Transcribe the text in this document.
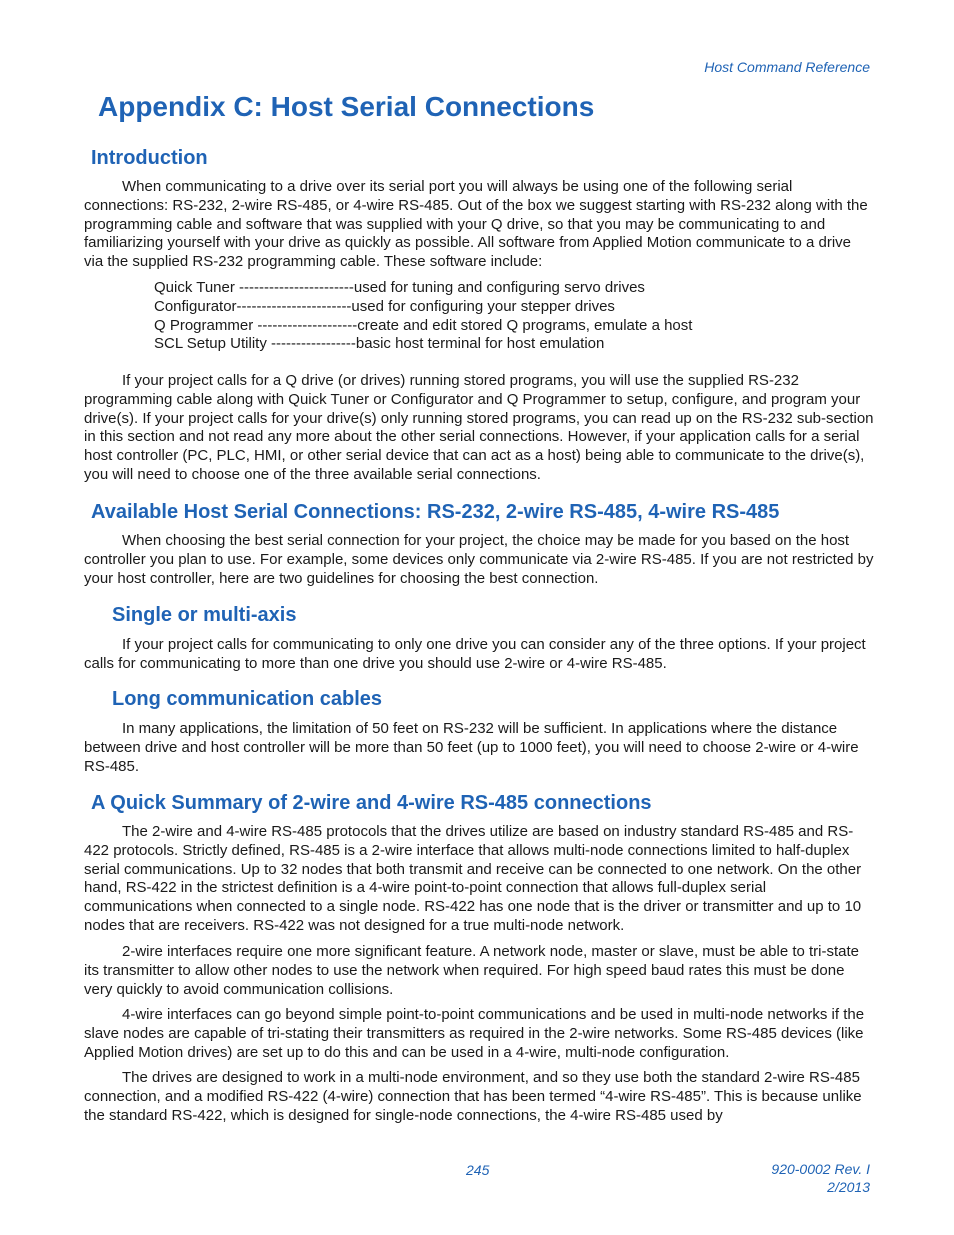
Host Command Reference
Appendix C: Host Serial Connections
Introduction

When communicating to a drive over its serial port you will always be using one of the following serial connections: RS-232, 2-wire RS-485, or 4-wire RS-485. Out of the box we suggest starting with RS-232 along with the programming cable and software that was supplied with your Q drive, so that you may be communicating to and familiarizing yourself with your drive as quickly as possible. All software from Applied Motion communicate to a drive via the supplied RS-232 programming cable. These software include:

Quick Tuner -----------------------used for tuning and configuring servo drives
Configurator-----------------------used for configuring your stepper drives
Q Programmer --------------------create and edit stored Q programs, emulate a host
SCL Setup Utility -----------------basic host terminal for host emulation

If your project calls for a Q drive (or drives) running stored programs, you will use the supplied RS-232 programming cable along with Quick Tuner or Configurator and Q Programmer to setup, configure, and program your drive(s). If your project calls for your drive(s) only running stored programs, you can read up on the RS-232 sub-section in this section and not read any more about the other serial connections. However, if your application calls for a serial host controller (PC, PLC, HMI, or other serial device that can act as a host) being able to communicate to the drive(s), you will need to choose one of the three available serial connections.

Available Host Serial Connections: RS-232, 2-wire RS-485, 4-wire RS-485

When choosing the best serial connection for your project, the choice may be made for you based on the host controller you plan to use. For example, some devices only communicate via 2-wire RS-485. If you are not restricted by your host controller, here are two guidelines for choosing the best connection.

Single or multi-axis

If your project calls for communicating to only one drive you can consider any of the three options. If your project calls for communicating to more than one drive you should use 2-wire or 4-wire RS-485.

Long communication cables

In many applications, the limitation of 50 feet on RS-232 will be sufficient. In applications where the distance between drive and host controller will be more than 50 feet (up to 1000 feet), you will need to choose 2-wire or 4-wire RS-485.

A Quick Summary of 2-wire and 4-wire RS-485 connections

The 2-wire and 4-wire RS-485 protocols that the drives utilize are based on industry standard RS-485 and RS-422 protocols. Strictly defined, RS-485 is a 2-wire interface that allows multi-node connections limited to half-duplex serial communications. Up to 32 nodes that both transmit and receive can be connected to one network. On the other hand, RS-422 in the strictest definition is a 4-wire point-to-point connection that allows full-duplex serial communications when connected to a single node. RS-422 has one node that is the driver or transmitter and up to 10 nodes that are receivers. RS-422 was not designed for a true multi-node network.

2-wire interfaces require one more significant feature. A network node, master or slave, must be able to tri-state its transmitter to allow other nodes to use the network when required. For high speed baud rates this must be done very quickly to avoid communication collisions.

4-wire interfaces can go beyond simple point-to-point communications and be used in multi-node networks if the slave nodes are capable of tri-stating their transmitters as required in the 2-wire networks. Some RS-485 devices (like Applied Motion drives) are set up to do this and can be used in a 4-wire, multi-node configuration.

The drives are designed to work in a multi-node environment, and so they use both the standard 2-wire RS-485 connection, and a modified RS-422 (4-wire) connection that has been termed “4-wire RS-485”. This is because unlike the standard RS-422, which is designed for single-node connections, the 4-wire RS-485 used by

245	920-0002 Rev. I
2/2013
